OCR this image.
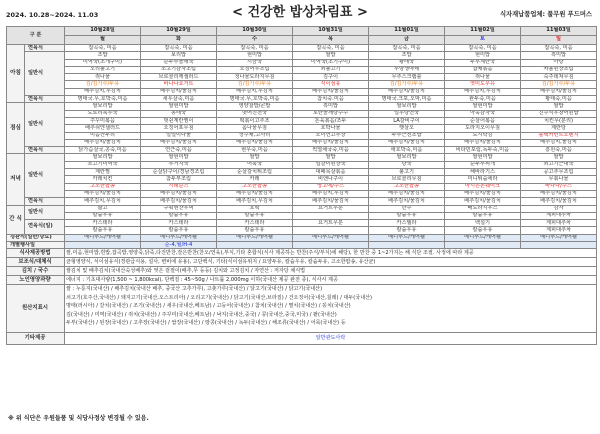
2024. 10.28~2024. 11.03	< 건강한 밥상차림표 >	식자재납품업체: 풀무원 푸드머스
구 분		10월28일	10월29일	10월30일	10월31일	11월01일	11월02일	11월03일
		월	화	수	목	금	토	일
아침	연육식	잡곡죽, 미음	잡곡죽, 미음	잡곡죽, 미음	잡곡죽, 미음	잡곡죽, 미음	잡곡죽, 미음	잡곡죽, 미음
	일반식	조밥	보리밥	현미밥	쌀밥	조밥	현미밥	흑미밥
		미역국(조개구이)	순두부들깨국	시금국	미역국(조기구이)	황태국	두부계란국	아탕
		오리불고기	소고기감자조림	오징어무조림	쇠불고기	무양생야채	잡채볶음	차돌된장조림
		쥐나물	브로콜리깨샐러드	청나물도라지무침	김구이	무추스크램블	쥐나물	숙주데쳐무침
		김/김가루/두유	바나나요거트	김/김가루/두유	식이섬유	김/김가루/두유	엿미도우유	김/김가루/두유
		배추김치,무김치	배추김치/물김치	배추김치,무김치	배추김치/물김치	배추김치/물김치	배추김치,무김치	배추김치/물김치
	연육식	명태국.무,호박죽,미음	새우살죽,미음	명태국.무,호박죽,미음	참치죽.미음	명태국.크포,오막,미음	완두죽,미음	황태죽,미음
점심	일반식	쌀보리밥	쌀현미밥	영양찰밥/콘밥	흑미밥	쌀보리밥	쌀현미밥	쌀밥
		도토리묵무국	동태국	벗어진전국	토란들깨탕수수	얼우탕연국	아욱감자국	친주식우창어된밥
		주꾸미볶음	멋쉰계란찜이	떡볶이고추조	돈육볶음/조두	LA갈비구이	순살어볶음	치킨무(분리)
		배추쉬얀샐러드	오징어포무침	꼼나물무침	호박나물	햇살오	도라지오이무침	계란탕
		미음깐두리	얼얼이나물	성수채,고사리	오이연고추장	두부근전조밥	도시락김	블랙커런트오렌지
		배추김치/물김치	배추김치/물김치	배추김치/물김치	배추김치/물김치	배추김치/물김치	배추김치/물김치	배추김치,물김치
	연육식	닭가슴살국,콩죽,미음	연근죽,미음	현우죽,미음	씩열채국죽,미음	애호박죽,미음	비타민포럼,녹두죽,미음	흥원죽,미음
저녁	일반식	쌀보리밥	쌀현미밥	쌀밥	쌀밥	쌀보리밥	쌀현미밥	쌀밥
		소고기미역국	무거지국	어묵국	얼갈이된장국	탕국	순두부찌개	쇠고기근대국
		계란찜	순살닭구이/경남경조림	순살갈치튀조림	대패목살볶음	불고기	해바라기스	공고추무조림
		카레치킨	참두부조림	카레	비엔나구이	브로콜리무침	미니튀숩에라	무볶나물
		고소한팝송	시래순스	고소한팝송	망고에/주스	고소한팝송	마시는콘쉐이크	바나나/주스
		배추김치/물김치	배추김치/물김치	배추김치/물김치	배추김치,무김치	배추김치/물김치	배추김치/물김치	배추김치/물김치
	연육식	배추김치,무김치	배추김치/물김치	배추김치,무김치	배추김치/물김치	배추김치/물김치	배추김치/물김치	배추김치/물김치
간 식	일반식	삶고	구워현찬우먹	호떡	요거트우분	만주	배도라지우스	감자
		칼슘우유	칼슘우유	칼슘우유		칼슘우유	칼슘우유	계피대추차
	연육식(일)	카스테라	카스테라	카스테라	요거트우분	카스텔라	백설기	계피대추차
		칼슘우유	칼슘우유	칼슘우유		칼슘우유	칼슘우유	계피대추차
경관식(일반/당뇨)		메디푸드/케어웰	메디푸드/케어웰	메디푸드/케어웰	메디푸드/케어웰	메디푸드/케어웰	메디푸드/케어웰	메디푸드/케어웰
개별행사일			순-4,월/H-4					
식사제공방법		쌀,미음,현미밥,흰밥,잡곡밥,영양죽,닭죽,다진반찬,잘은반찬(찬오/연육),부식,기타 혼합식(식사 제공하는 반찬(주식/부식)에 해당), 한 반찬 중 1~2가지는 해 식단 조절. 사정에 따라 제공						
보조식/대체식		균형영양식, 식이섬유식(경관급식용, 설사, 변비에 유용), 고단백식, 기타(식이섬유위지 / 요양두유, 칼슘우유, 칼슘두유, 고소한팝송, 유산균)						
김치 / 국수		쌀김치 및 배추김치(국내산숙성배추)와 엿은 겉절이(배추,무 등등) 김치와 고정김치 / 자연산 : 저자당 채식법						
노인영양과량		에너지 : 기초대사량(1,500 ~ 1,800kcal), 단백질 : 45~50g / 나트륨 2,000mg 이하(국내산 제공 완전 종), 식사시 제공						
원산지표시		쌀 : 누룽지(국내산) / 배추김치(국내산 배추, 중국산 고추가루), 고춧가루(국내산) / 닭고기(국내산) / 닭고기(국내산)
쇠고기(호주산,국내산) / 돼지고기(국내산,오스트리아) / 오리고기(국내산) / 닭고기(국내산,브라질) / 건오징어(국내산,칠레) / 대두(국내산)
명태(러시아) / 갈치(국내산) / 조기(국내산) / 새우(국내산,베트남) / 고등어(국내산) / 참치(국내산) / 멸치(국내산) / 꽁치(국내산)
김(국내산) / 미역(국내산) / 쥐치(국내산) / 주꾸미(국내산,베트남) / 낙지(국내산,중국) / 콩(국내산,중국,미국) / 팥(국내산)
두부(국내산) / 된장(국내산) / 고추장(국내산) / 쌈장(국내산) / 땅콩(국내산) / 녹두(국내산) / 해조류(국내산) / 어묵(국내산) 등						

기타제공		알반관도사락						
※ 위 식단은 우원들품 및 식당사정상 변경될 수 있음.
